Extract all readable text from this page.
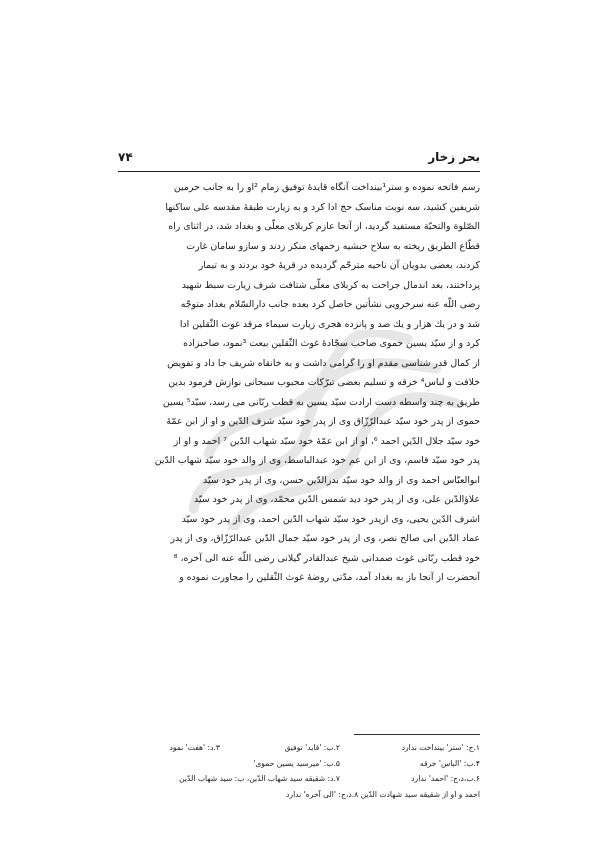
بحر زخار
۷۴
رسم فاتحه نموده و ستر¹بینداخت آنگاه قایدۀ توفیق زمام ²او را به جانب حرمین
شریفین کشید، سه نوبت مناسک حج ادا کرد و به زیارت طبقۀ مقدسه علی ساکنها
الصّلوة والتحیّة مستفید گردید، از آنجا عازم کربلای معلّی و بغداد شد، در اثنای راه
قطّاع الطریق ریخته به سلاح حبشیه زخمهای منکر زدند و سازو سامان غارت
کردند، بعضی بدویان آن ناحیه مترحّم گردیده در قریۀ خود بردند و به تیمار
پرداختند، بعد اندمال جراحت به کربلای معلّی شتافت شرف زیارت سبط شهید
رضی اللّه عنه سرخرویی نشأتین حاصل کرد بعده جانب دارالسّلام بغداد متوجّه
شد و در یك هزار و یك صد و پانزده هجری زیارت سیماء مرقد غوث الثّقلین ادا
کرد و از سیّد یسین حموی صاحب سجّادۀ غوث الثّقلین بیعت ³نمود، صاحبزاده
از کمال قدر شناسی مقدم او را گرامی داشت و به خانقاه شریف جا داد و تفویض
خلافت و لباس⁴ خرقه و تسلیم بعضی تبرّکات محبوب سبحانی نوازش فرمود بدین
طریق به چند واسطه دست ارادت سیّد یسین به قطب ربّانی می رسد، سیّد⁵ یسین
حموی از پدر خود سیّد عبدالرّزّاق وی از پدر خود سیّد شرف الدّین و او از ابن عمّۀ
خود سیّد جلال الدّین احمد ⁶، او از ابن عمّۀ خود سیّد شهاب الدّین ⁷ احمد و او از
پدر خود سیّد قاسم، وی از ابن عم خود عبدالباسط، وی از والد خود سیّد شهاب الدّین
ابوالعبّاس احمد وی از والد خود سیّد بدرالدّین حسن، وی از پدر خود سیّد
علاؤالدّین علی، وی از پدر خود دید شمس الدّین محمّد، وی از پدر خود سیّد
اشرف الدّین یحیی، وی ازپدر خود سیّد شهاب الدّین احمد، وی از پدر خود سیّد
عماد الدّین ابی صالح نصر، وی از پدر خود سیّد جمال الدّین عبدالرّزّاق، وی از پدر
خود قطب ربّانی غوث صمدانی شیخ عبدالقادر گیلانی رضی اللّه عنه الی آخره، ⁸
آنحضرت از آنجا باز به بغداد آمد، مدّتی روضۀ غوث الثّقلین را مجاورت نموده و
۱.ج: 'ستر' بینداخت ندارد
۲.ب: 'قاید' توفیق
۳.د: 'هفت' نمود
۴.ب: 'الباس' خرقه
۵.ب: 'میرسید یسین حموی'
۶.ب،د،ج: 'احمد' ندارد
۷.د: شقیقه سید شهاب الدّین، ب: سید شهاب الدّین
احمد و او از شقیقه سید شهادت الدّین ۸.د،ج: 'الی آخره' ندارد
